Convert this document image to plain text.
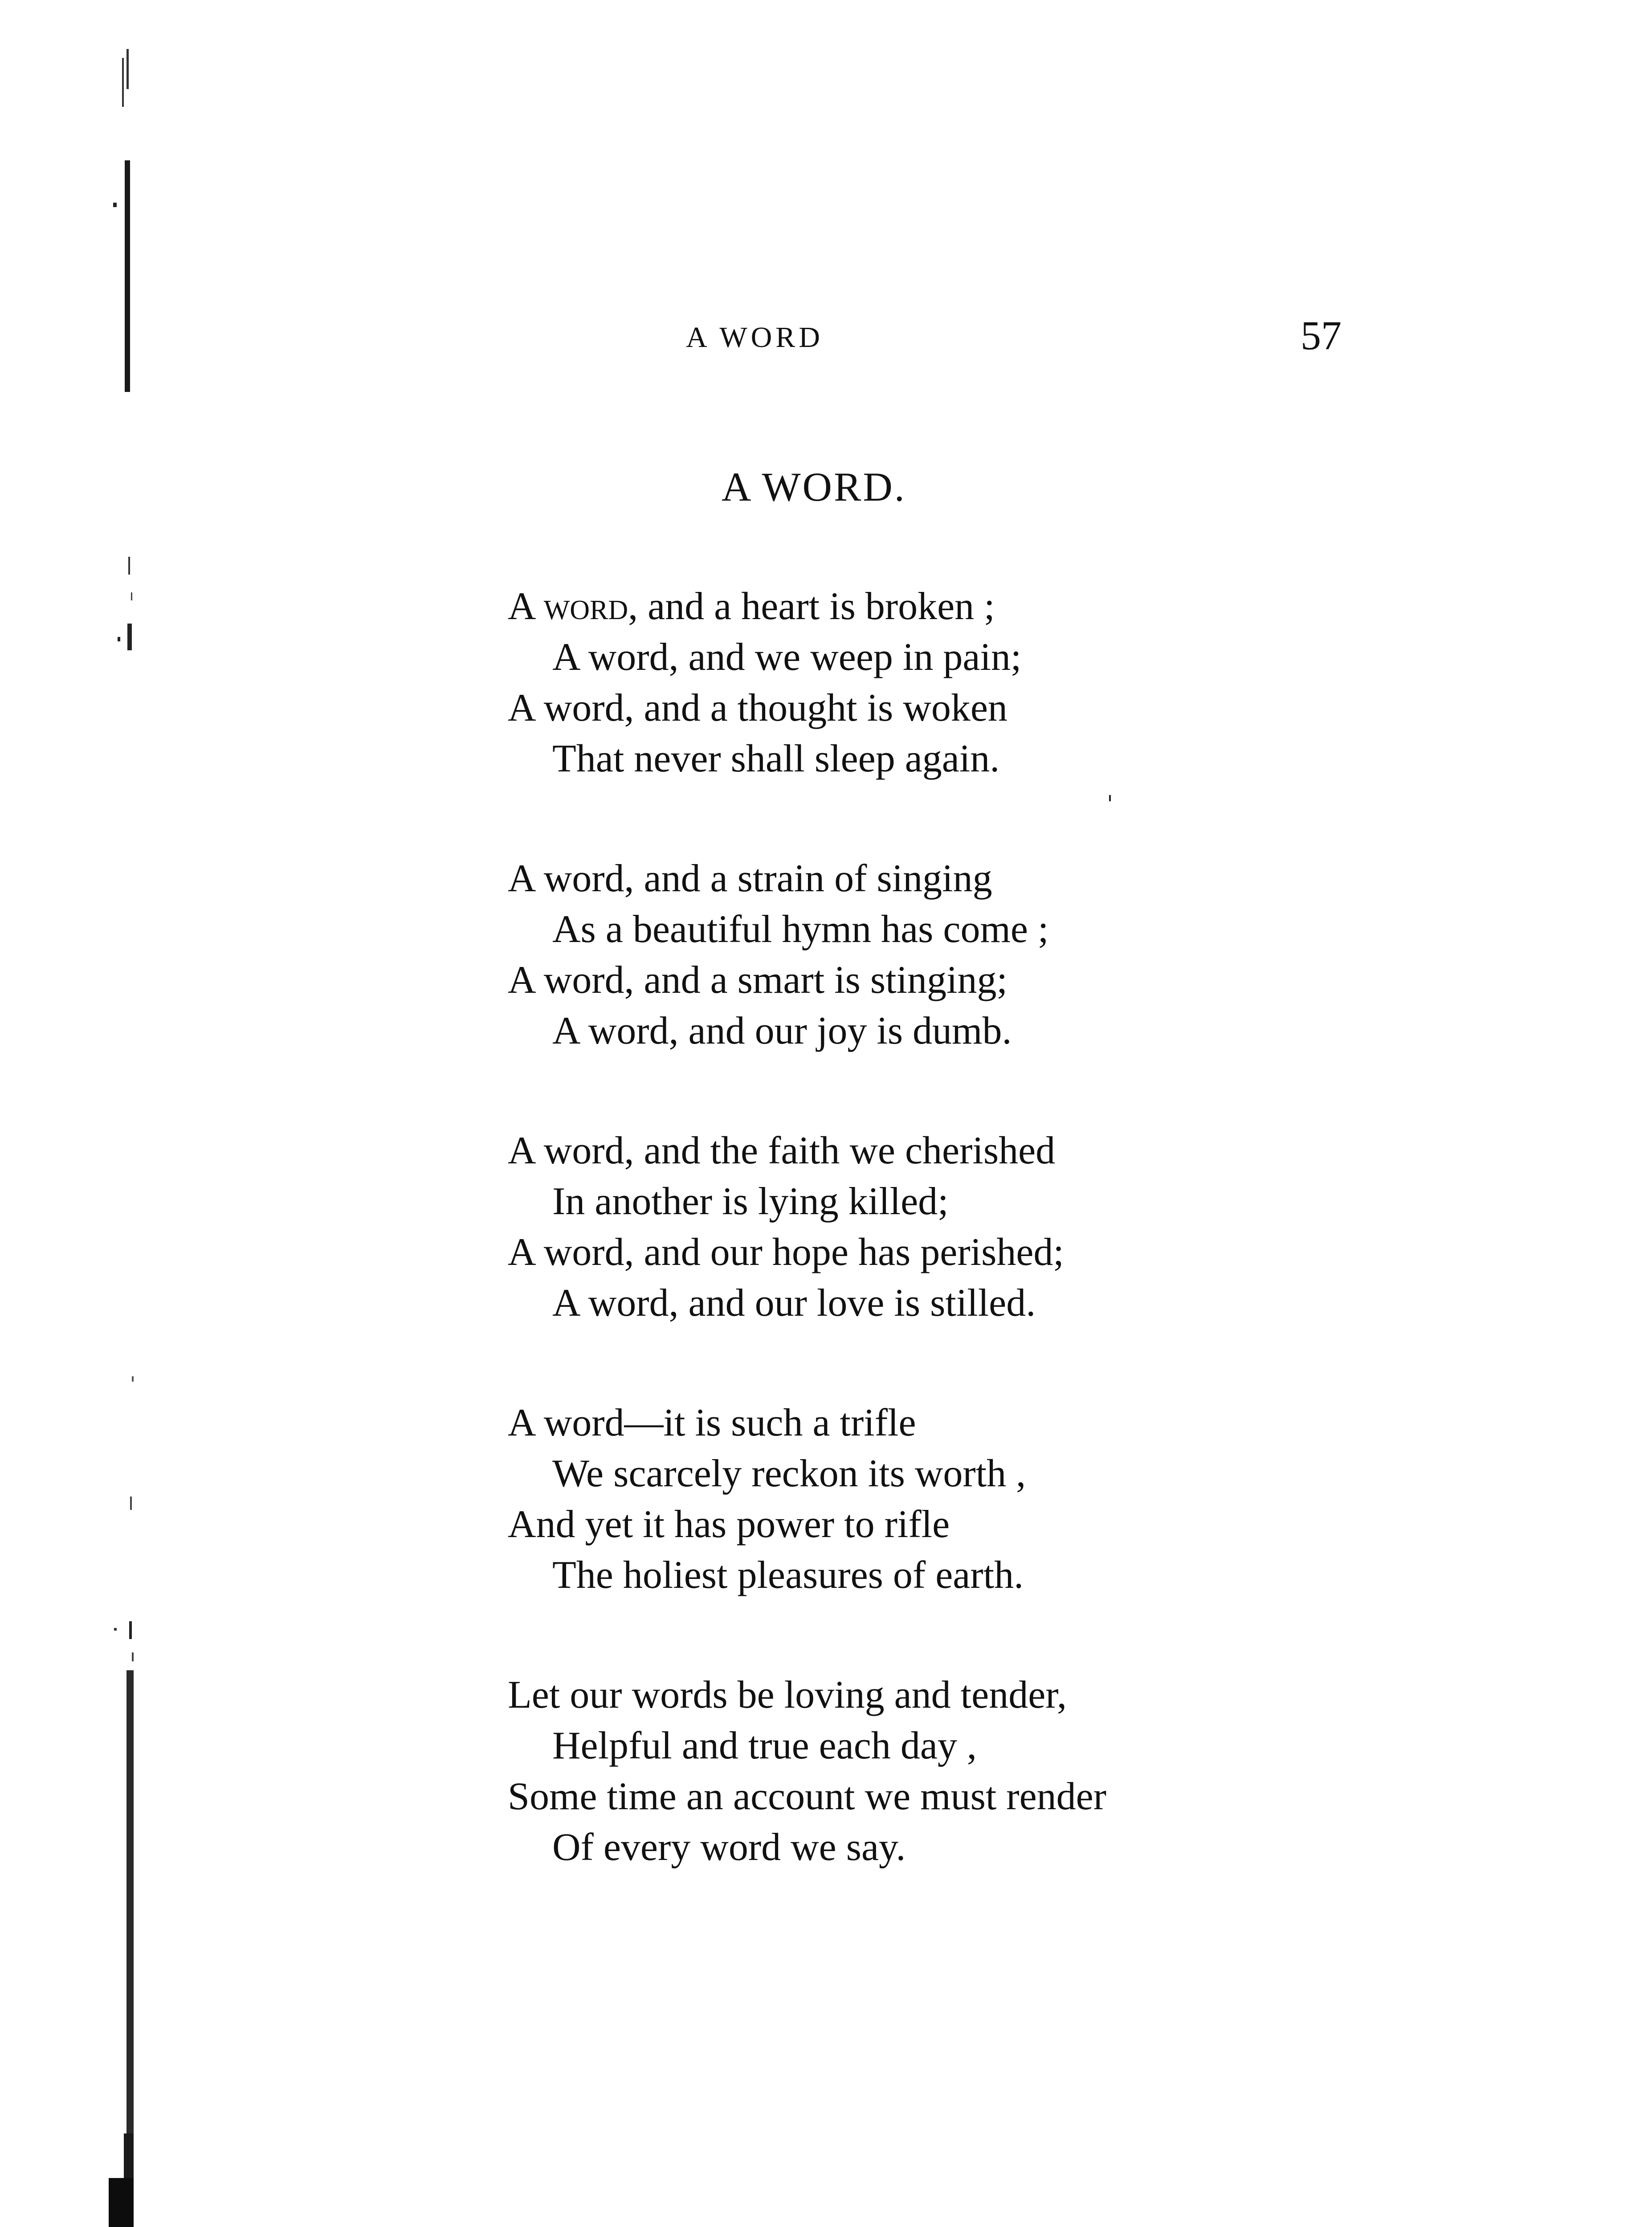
A WORD	57
A WORD.
A word, and a heart is broken ;
A word, and we weep in pain;
A word, and a thought is woken
That never shall sleep again.
A word, and a strain of singing
As a beautiful hymn has come ;
A word, and a smart is stinging;
A word, and our joy is dumb.
A word, and the faith we cherished
In another is lying killed;
A word, and our hope has perished;
A word, and our love is stilled.
A word—it is such a trifle
We scarcely reckon its worth ,
And yet it has power to rifle
The holiest pleasures of earth.
Let our words be loving and tender,
Helpful and true each day ,
Some time an account we must render
Of every word we say.
